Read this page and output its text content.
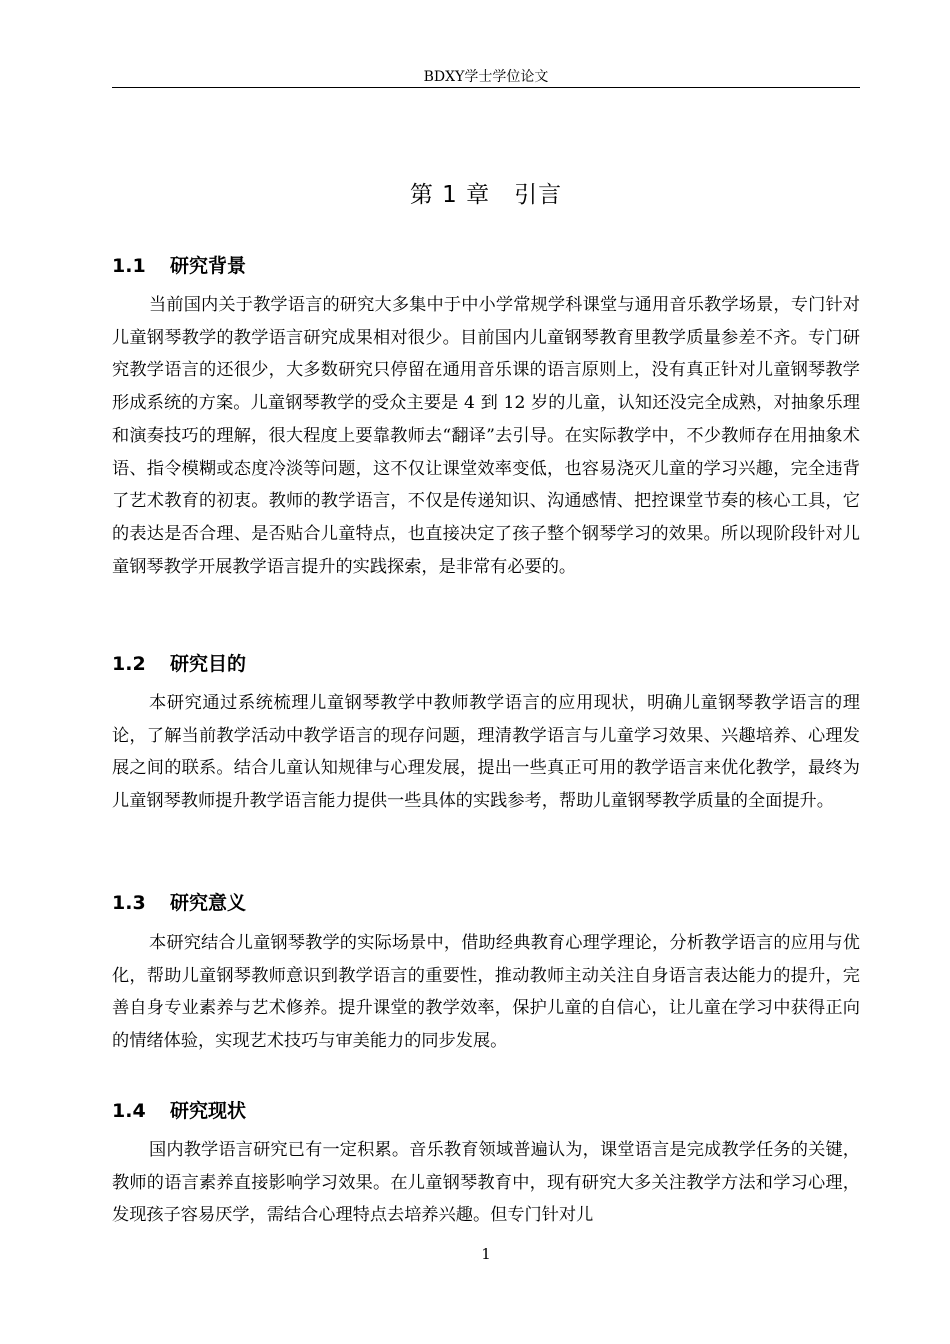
BDXY学士学位论文
第 1 章 引言
1.1 研究背景

当前国内关于教学语言的研究大多集中于中小学常规学科课堂与通用音乐教学场景，专门针对儿童钢琴教学的教学语言研究成果相对很少。目前国内儿童钢琴教育里教学质量参差不齐。专门研究教学语言的还很少，大多数研究只停留在通用音乐课的语言原则上，没有真正针对儿童钢琴教学形成系统的方案。儿童钢琴教学的受众主要是 4 到 12 岁的儿童，认知还没完全成熟，对抽象乐理和演奏技巧的理解，很大程度上要靠教师去“翻译”去引导。在实际教学中，不少教师存在用抽象术语、指令模糊或态度冷淡等问题，这不仅让课堂效率变低，也容易浇灭儿童的学习兴趣，完全违背了艺术教育的初衷。教师的教学语言，不仅是传递知识、沟通感情、把控课堂节奏的核心工具，它的表达是否合理、是否贴合儿童特点，也直接决定了孩子整个钢琴学习的效果。所以现阶段针对儿童钢琴教学开展教学语言提升的实践探索，是非常有必要的。

1.2 研究目的

本研究通过系统梳理儿童钢琴教学中教师教学语言的应用现状，明确儿童钢琴教学语言的理论，了解当前教学活动中教学语言的现存问题，理清教学语言与儿童学习效果、兴趣培养、心理发展之间的联系。结合儿童认知规律与心理发展，提出一些真正可用的教学语言来优化教学，最终为儿童钢琴教师提升教学语言能力提供一些具体的实践参考，帮助儿童钢琴教学质量的全面提升。

1.3 研究意义

本研究结合儿童钢琴教学的实际场景中，借助经典教育心理学理论，分析教学语言的应用与优化，帮助儿童钢琴教师意识到教学语言的重要性，推动教师主动关注自身语言表达能力的提升，完善自身专业素养与艺术修养。提升课堂的教学效率，保护儿童的自信心，让儿童在学习中获得正向的情绪体验，实现艺术技巧与审美能力的同步发展。

1.4 研究现状

国内教学语言研究已有一定积累。音乐教育领域普遍认为，课堂语言是完成教学任务的关键，教师的语言素养直接影响学习效果。在儿童钢琴教育中，现有研究大多关注教学方法和学习心理，发现孩子容易厌学，需结合心理特点去培养兴趣。但专门针对儿

1
